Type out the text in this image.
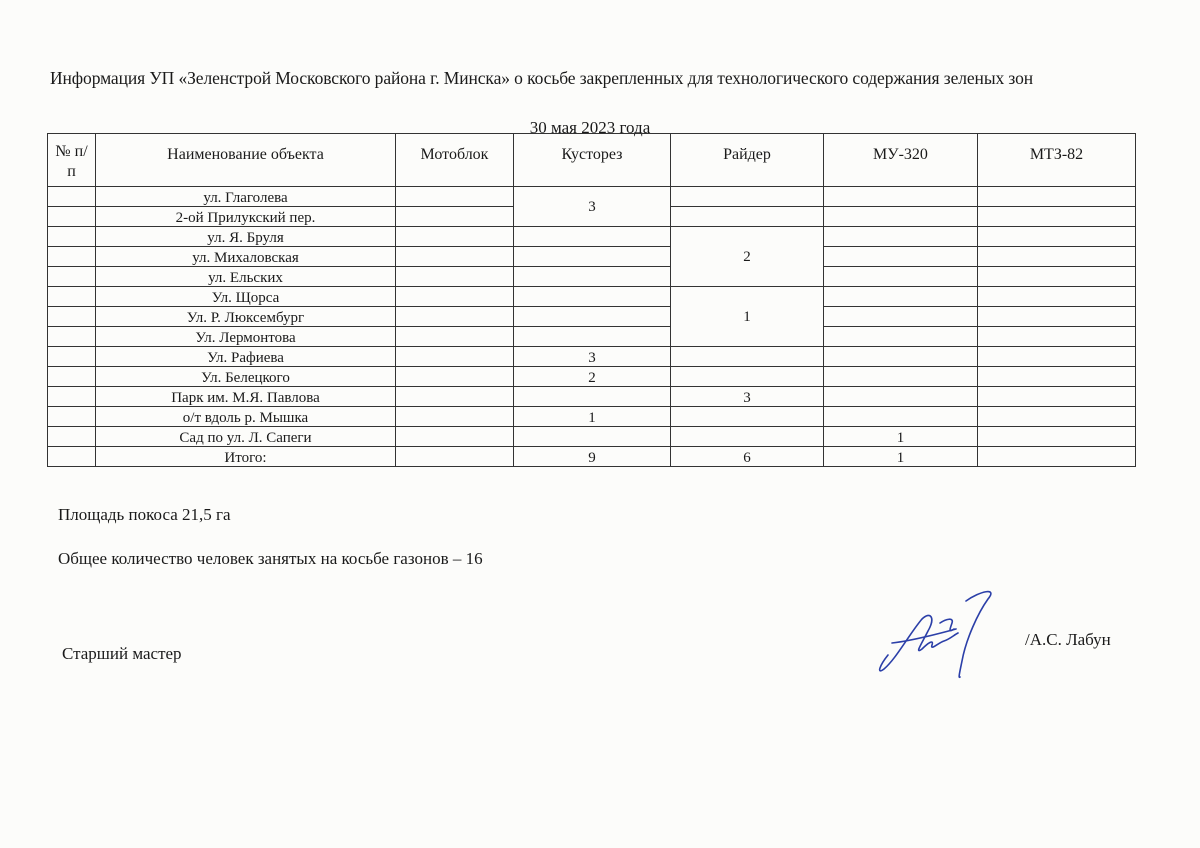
Информация УП «Зеленстрой Московского района г. Минска» о косьбе закрепленных для технологического содержания зеленых зон
30 мая 2023 года
№ п/п	Наименование объекта	Мотоблок	Кусторез	Райдер	МУ-320	МТЗ-82
	ул. Глаголева		3			
	2-ой Прилукский пер.					
	ул. Я. Бруля			2		
	ул. Михаловская					
	ул. Ельских					
	Ул. Щорса			1		
	Ул. Р. Люксембург					
	Ул. Лермонтова					
	Ул. Рафиева		3			
	Ул. Белецкого		2			
	Парк им. М.Я. Павлова			3		
	о/т вдоль р. Мышка		1			
	Сад по ул. Л. Сапеги				1	
	Итого:		9	6	1	
Площадь покоса 21,5 га
Общее количество человек занятых на косьбе газонов – 16
Старший мастер
/А.С. Лабун
